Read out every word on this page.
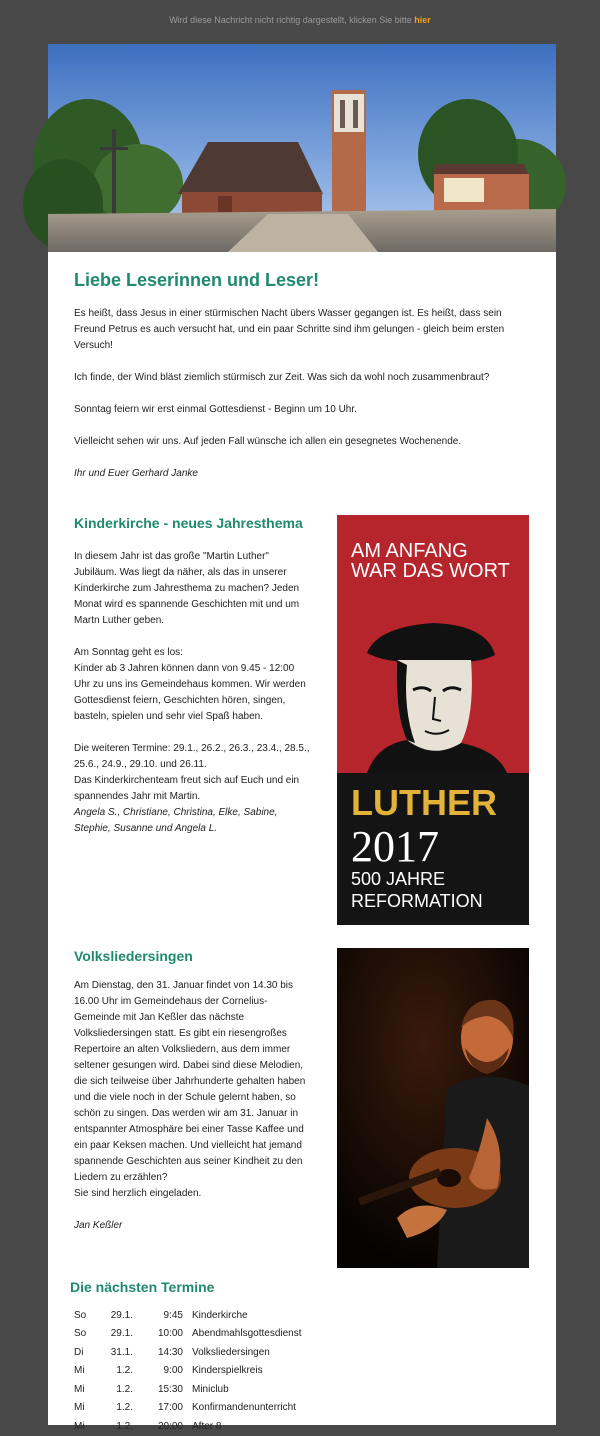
Wird diese Nachricht nicht richtig dargestellt, klicken Sie bitte hier
Liebe Leserinnen und Leser!

Es heißt, dass Jesus in einer stürmischen Nacht übers Wasser gegangen ist. Es heißt, dass sein Freund Petrus es auch versucht hat, und ein paar Schritte sind ihm gelungen - gleich beim ersten Versuch!

Ich finde, der Wind bläst ziemlich stürmisch zur Zeit. Was sich da wohl noch zusammenbraut?

Sonntag feiern wir erst einmal Gottesdienst - Beginn um 10 Uhr.

Vielleicht sehen wir uns. Auf jeden Fall wünsche ich allen ein gesegnetes Wochenende.

Ihr und Euer Gerhard Janke

Kinderkirche - neues Jahresthema

In diesem Jahr ist das große "Martin Luther" Jubiläum. Was liegt da näher, als das in unserer Kinderkirche zum Jahresthema zu machen? Jeden Monat wird es spannende Geschichten mit und um Martn Luther geben.

Am Sonntag geht es los:
Kinder ab 3 Jahren können dann von 9.45 - 12:00 Uhr zu uns ins Gemeindehaus kommen. Wir werden Gottesdienst feiern, Geschichten hören, singen, basteln, spielen und sehr viel Spaß haben.

Die weiteren Termine: 29.1., 26.2., 26.3., 23.4., 28.5., 25.6., 24.9., 29.10. und 26.11.
Das Kinderkirchenteam freut sich auf Euch und ein spannendes Jahr mit Martin.
Angela S., Christiane, Christina, Elke, Sabine, Stephie, Susanne und Angela L.

AM ANFANG
WAR DAS WORT
LUTHER
2017
500 JAHRE
REFORMATION
Volksliedersingen

Am Dienstag, den 31. Januar findet von 14.30 bis 16.00 Uhr im Gemeindehaus der Cornelius-Gemeinde mit Jan Keßler das nächste Volksliedersingen statt. Es gibt ein riesengroßes Repertoire an alten Volksliedern, aus dem immer seltener gesungen wird. Dabei sind diese Melodien, die sich teilweise über Jahrhunderte gehalten haben und die viele noch in der Schule gelernt haben, so schön zu singen. Das werden wir am 31. Januar in entspannter Atmosphäre bei einer Tasse Kaffee und ein paar Keksen machen. Und vielleicht hat jemand spannende Geschichten aus seiner Kindheit zu den Liedern zu erzählen?
Sie sind herzlich eingeladen.

Jan Keßler

Die nächsten Termine
So	29.1.	9:45	Kinderkirche
So	29.1.	10:00	Abendmahlsgottesdienst
Di	31.1.	14:30	Volksliedersingen
Mi	1.2.	9:00	Kinderspielkreis
Mi	1.2.	15:30	Miniclub
Mi	1.2.	17:00	Konfirmandenunterricht
Mi	1.2.	20:00	After 8
